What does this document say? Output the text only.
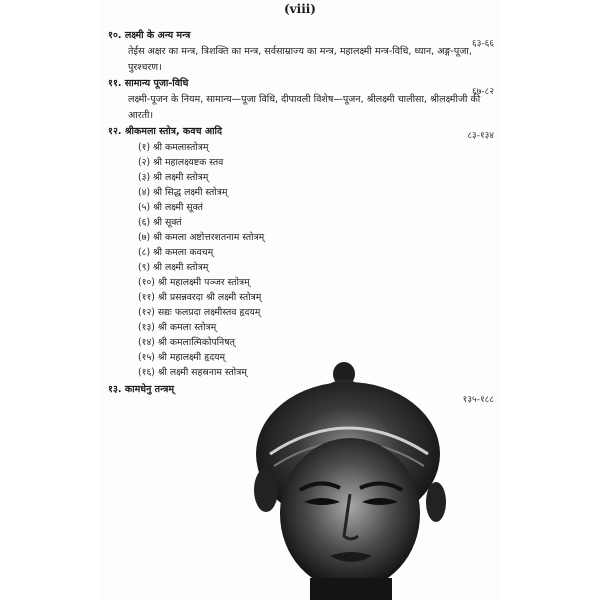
(viii)
१०. लक्ष्मी के अन्य मन्त्र
तेईस अक्षर का मन्त्र, त्रिशक्ति का मन्त्र, सर्वसाम्राज्य का मन्त्र, महालक्ष्मी मन्त्र-विधि, ध्यान, अङ्ग-पूजा, पुरश्चरण।
६३-६६
११. सामान्य पूजा-विधि
लक्ष्मी-पूजन के नियम, सामान्य—पूजा विधि, दीपावली विशेष—पूजन, श्रीलक्ष्मी चालीसा, श्रीलक्ष्मीजी की आरती।
६७-८२
१२. श्रीकमला स्तोत्र, कवच आदि	८३-१३४
(१) श्री कमलास्तोत्रम्
(२) श्री महालक्ष्यष्टक स्तव
(३) श्री लक्ष्मी स्तोत्रम्
(४) श्री सिद्ध लक्ष्मी स्तोत्रम्
(५) श्री लक्ष्मी सूक्तं
(६) श्री सूक्तं
(७) श्री कमला अष्टोत्तरशतनाम स्तोत्रम्
(८) श्री कमला कवचम्
(९) श्री लक्ष्मी स्तोत्रम्
(१०) श्री महालक्ष्मी पञ्जर स्तोत्रम्
(११) श्री प्रसन्नवरदा श्री लक्ष्मी स्तोत्रम्
(१२) सद्यः फलप्रदा लक्ष्मीस्तव हृदयम्
(१३) श्री कमला स्तोत्रम्
(१४) श्री कमलात्मिकोपनिषत्
(१५) श्री महालक्ष्मी हृदयम्
(१६) श्री लक्ष्मी सहस्रनाम स्तोत्रम्
१३. कामधेनु तन्त्रम्
१३५-१८८
